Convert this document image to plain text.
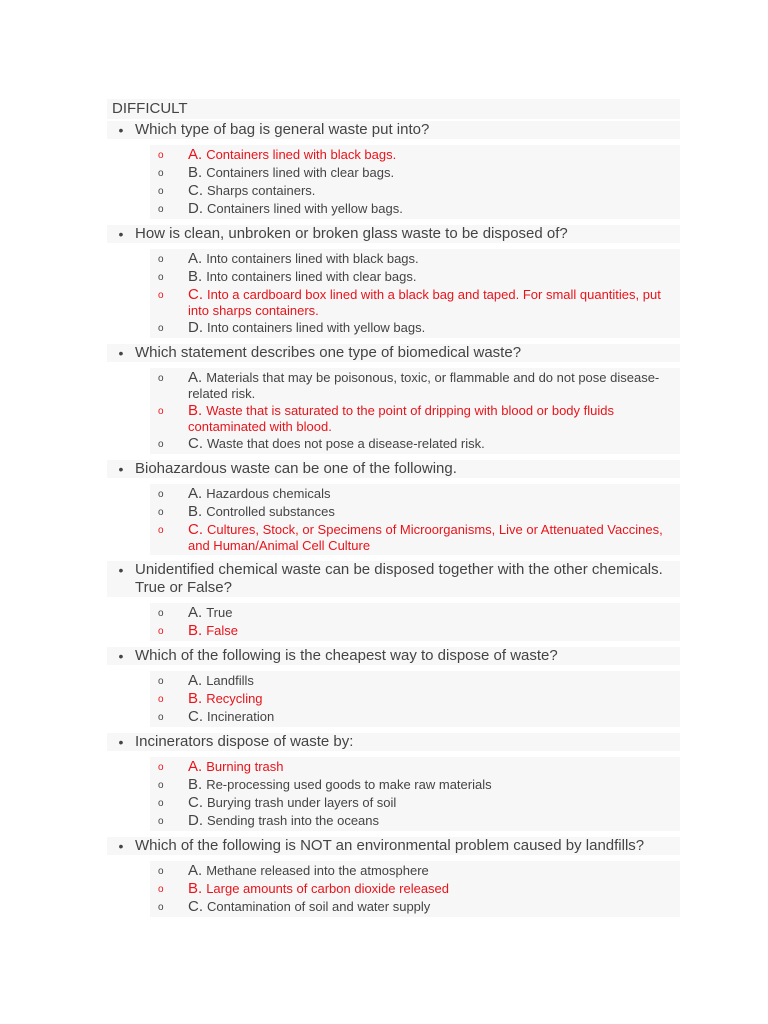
DIFFICULT
• Which type of bag is general waste put into?
o	A. Containers lined with black bags.
o	B. Containers lined with clear bags.
o	C. Sharps containers.
o	D. Containers lined with yellow bags.
• How is clean, unbroken or broken glass waste to be disposed of?
o	A. Into containers lined with black bags.
o	B. Into containers lined with clear bags.
o	C. Into a cardboard box lined with a black bag and taped. For small quantities, put into sharps containers.
o	D. Into containers lined with yellow bags.
• Which statement describes one type of biomedical waste?
o	A. Materials that may be poisonous, toxic, or flammable and do not pose disease-related risk.
o	B. Waste that is saturated to the point of dripping with blood or body fluids contaminated with blood.
o	C. Waste that does not pose a disease-related risk.
• Biohazardous waste can be one of the following.
o	A. Hazardous chemicals
o	B. Controlled substances
o	C. Cultures, Stock, or Specimens of Microorganisms, Live or Attenuated Vaccines, and Human/Animal Cell Culture
• Unidentified chemical waste can be disposed together with the other chemicals. True or False?
o	A. True
o	B. False
• Which of the following is the cheapest way to dispose of waste?
o	A. Landfills
o	B. Recycling
o	C. Incineration
• Incinerators dispose of waste by:
o	A. Burning trash
o	B. Re-processing used goods to make raw materials
o	C. Burying trash under layers of soil
o	D. Sending trash into the oceans
• Which of the following is NOT an environmental problem caused by landfills?
o	A. Methane released into the atmosphere
o	B. Large amounts of carbon dioxide released
o	C. Contamination of soil and water supply
